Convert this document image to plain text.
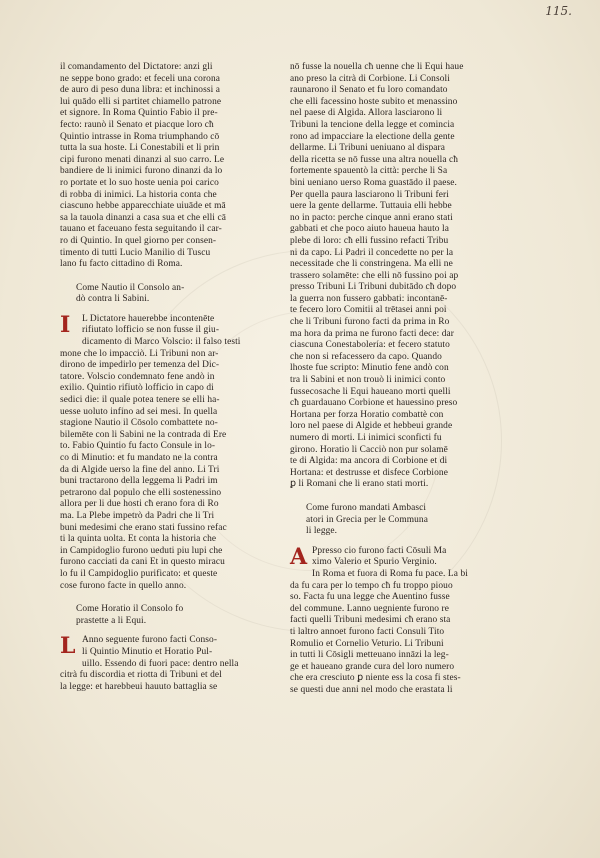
115.
il comandamento del Dictatore: anzi gli
ne seppe bono grado: et feceli una corona
de auro di peso duna libra: et inchinossi a
lui quādo elli si partitet chiamello patrone
et signore. In Roma Quintio Fabio il pre-
fecto: raunò il Senato et piacque loro cħ
Quintio intrasse in Roma triumphando cō
tutta la sua hoste. Li Conestabili et li prin
cipi furono menati dinanzi al suo carro. Le
bandiere de li inimici furono dinanzi da lo
ro portate et lo suo hoste uenia poi carico
di robba di inimici. La historia conta che
ciascuno hebbe apparecchiate uiuāde et mā
sa la tauola dinanzi a casa sua et che elli cā
tauano et faceuano festa seguitando il car-
ro di Quintio. In quel giorno per consen-
timento di tutti Lucio Manilio di Tuscu
lano fu facto cittadino di Roma.
Come Nautio il Consolo an-
dò contra li Sabini.
I	L Dictatore hauerebbe incontenēte
rifiutato lofficio se non fusse il giu-
dicamento di Marco Volscio: il falso testi
mone che lo impacciò. Li Tribuni non ar-
dirono de impedirlo per temenza del Dic-
tatore. Volscio condemnato fene andò in
exilio. Quintio rifiutò lofficio in capo di
sedici die: il quale potea tenere se elli ha-
uesse uoluto infino ad sei mesi. In quella
stagione Nautio il Cōsolo combattete no-
bilemēte con li Sabini ne la contrada di Ere
to. Fabio Quintio fu facto Consule in lo-
co di Minutio: et fu mandato ne la contra
da di Algide uerso la fine del anno. Li Tri
buni tractarono della leggema li Padri im
petrarono dal populo che elli sostenessino
allora per li due hosti cħ erano fora di Ro
ma. La Plebe impetrò da Padri che li Tri
buni medesimi che erano stati fussino refac
ti la quinta uolta. Et conta la historia che
in Campidoglio furono ueduti piu lupi che
furono cacciati da cani Et in questo miracu
lo fu il Campidoglio purificato: et queste
cose furono facte in quello anno.
Come Horatio il Consolo fo
prastette a li Equi.
L Anno seguente furono facti Conso-
li Quintio Minutio et Horatio Pul-
uillo. Essendo di fuori pace: dentro nella
citrà fu discordia et riotta di Tribuni et del
la legge: et harebbeui hauuto battaglia se
nō fusse la nouella cħ uenne che li Equi haue
ano preso la citrà di Corbione. Li Consoli
raunarono il Senato et fu loro comandato
che elli facessino hoste subito et menassino
nel paese di Algida. Allora lasciarono li
Tribuni la tencione della legge et comincia
rono ad impacciare la electione della gente
dellarme. Li Tribuni ueniuano al dispara
della ricetta se nō fusse una altra nouella cħ
fortemente spauentò la città: perche li Sa
bini ueniano uerso Roma guastādo il paese.
Per quella paura lasciarono li Tribuni feri
uere la gente dellarme. Tuttauia elli hebbe
no in pacto: perche cinque anni erano stati
gabbati et che poco aiuto haueua hauto la
plebe di loro: cħ elli fussino refacti Tribu
ni da capo. Li Padri il concedette no per la
necessitade che li constringena. Ma elli ne
trassero solamēte: che elli nō fussino poi ap
presso Tribuni Li Tribuni dubitādo cħ dopo
la guerra non fussero gabbati: incontanē-
te fecero loro Comitii al trētasei anni poi
che li Tribuni furono facti da prima in Ro
ma hora da prima ne furono facti dece: dar
ciascuna Conestabolería: et fecero statuto
che non si refacessero da capo. Quando
lhoste fue scripto: Minutio fene andò con
tra li Sabini et non trouò li inimici conto
fussecosache li Equi haueano morti quelli
cħ guardauano Corbione et hauessino preso
Hortana per forza Horatio combattè con
loro nel paese di Algide et hebbeui grande
numero di morti. Li inimici sconficti fu
girono. Horatio li Cacciò non pur solamē
te di Algida: ma ancora di Corbione et di
Hortana: et destrusse et disfece Corbione
ꝑ li Romani che li erano stati morti.
Come furono mandati Ambasci
atori in Grecia per le Communa
li legge.
A Ppresso cio furono facti Cōsuli Ma
ximo Valerio et Spurio Verginio.
In Roma et fuora di Roma fu pace. La bi
da fu cara per lo tempo cħ fu troppo piouo
so. Facta fu una legge che Auentino fusse
del commune. Lanno uegniente furono re
facti quelli Tribuni medesimi cħ erano sta
ti laltro annoet furono facti Consuli Tito
Romulio et Cornelio Veturio. Li Tribuni
in tutti li Cōsigli metteuano innāzi la leg-
ge et haueano grande cura del loro numero
che era cresciuto ꝑ niente ess la cosa fi stes-
se questi due anni nel modo che erastata li
